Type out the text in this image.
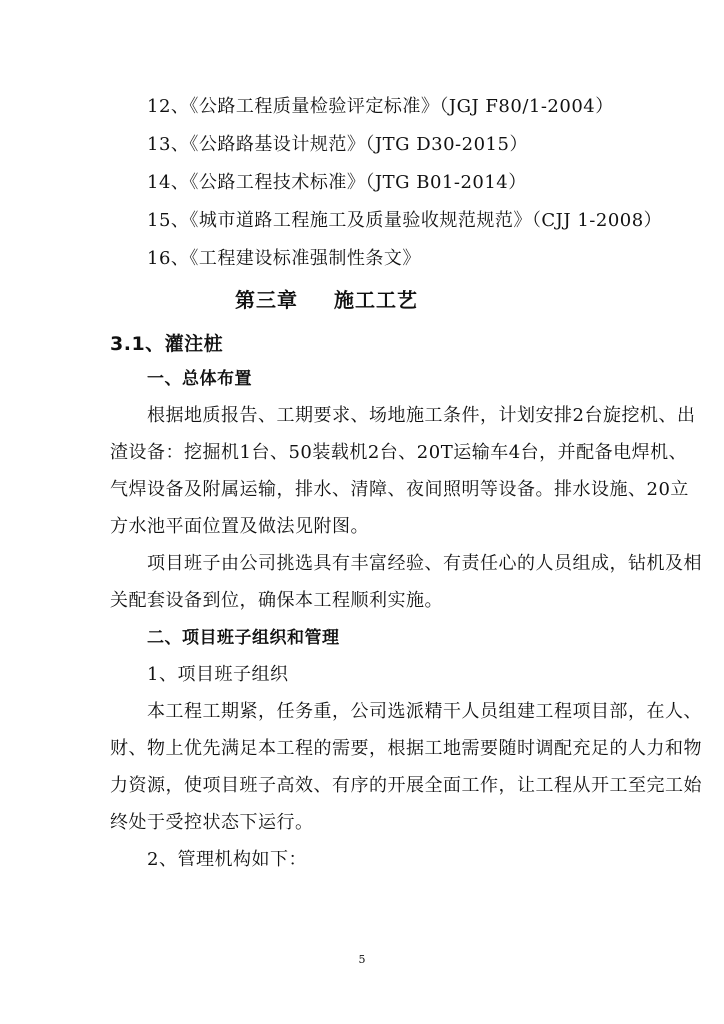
12、《公路工程质量检验评定标准》（JGJ F80/1-2004）
13、《公路路基设计规范》（JTG D30-2015）
14、《公路工程技术标准》（JTG B01-2014）
15、《城市道路工程施工及质量验收规范规范》（CJJ 1-2008）
16、《工程建设标准强制性条文》
第三章 施工工艺
3.1、灌注桩
一、总体布置
根据地质报告、工期要求、场地施工条件，计划安排2台旋挖机、出
渣设备：挖掘机1台、50装载机2台、20T运输车4台，并配备电焊机、
气焊设备及附属运输，排水、清障、夜间照明等设备。排水设施、20立
方水池平面位置及做法见附图。
项目班子由公司挑选具有丰富经验、有责任心的人员组成，钻机及相
关配套设备到位，确保本工程顺利实施。
二、项目班子组织和管理
1、项目班子组织
本工程工期紧，任务重，公司选派精干人员组建工程项目部，在人、
财、物上优先满足本工程的需要，根据工地需要随时调配充足的人力和物
力资源，使项目班子高效、有序的开展全面工作，让工程从开工至完工始
终处于受控状态下运行。
2、管理机构如下：
5
